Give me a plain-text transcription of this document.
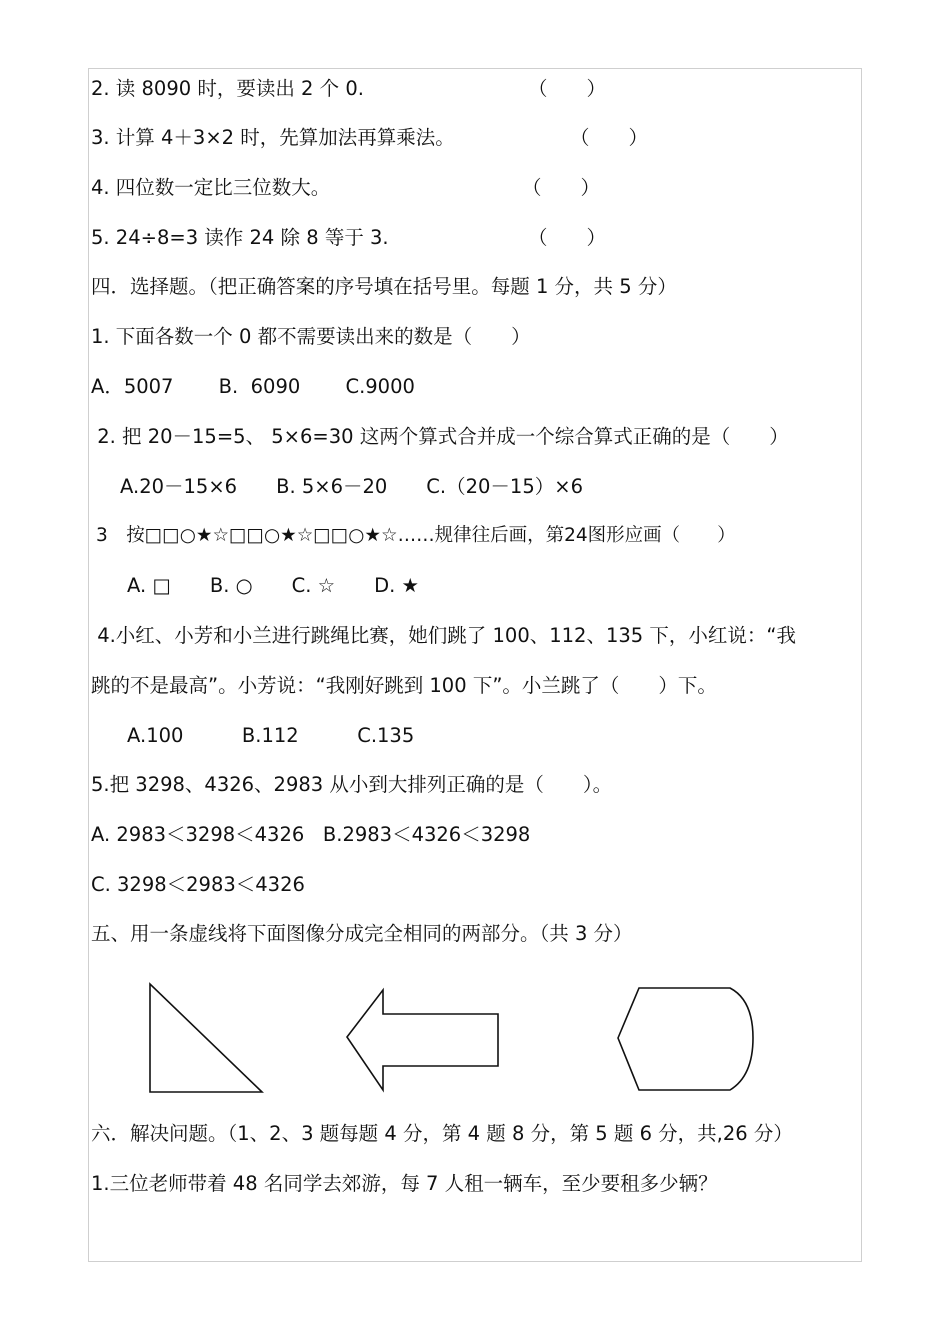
2. 读 8090 时，要读出 2 个 0.	（　　）
3. 计算 4＋3×2 时，先算加法再算乘法。	（　　）
4. 四位数一定比三位数大。	（　　）
5. 24÷8=3 读作 24 除 8 等于 3.	（　　）
四．选择题。（把正确答案的序号填在括号里。每题 1 分，共 5 分）
1. 下面各数一个 0 都不需要读出来的数是（　　）
A．5007　　 B.  6090　　 C.9000
2. 把 20－15=5、 5×6=30 这两个算式合并成一个综合算式正确的是（　　）
A.20－15×6　　B. 5×6－20　　C.（20－15）×6
3　按□□○★☆□□○★☆□□○★☆……规律往后画，第24图形应画（　　）
A. □　　B. ○　　C. ☆　　D. ★
4.小红、小芳和小兰进行跳绳比赛，她们跳了 100、112、135 下，小红说：“我
跳的不是最高”。小芳说：“我刚好跳到 100 下”。小兰跳了（　　）下。
A.100　　　B.112　　　C.135
5.把 3298、4326、2983 从小到大排列正确的是（　　）。
A. 2983＜3298＜4326   B.2983＜4326＜3298
C. 3298＜2983＜4326
五、用一条虚线将下面图像分成完全相同的两部分。（共 3 分）
六．解决问题。（1、2、3 题每题 4 分，第 4 题 8 分，第 5 题 6 分，共,26 分）
1.三位老师带着 48 名同学去郊游，每 7 人租一辆车，至少要租多少辆？
